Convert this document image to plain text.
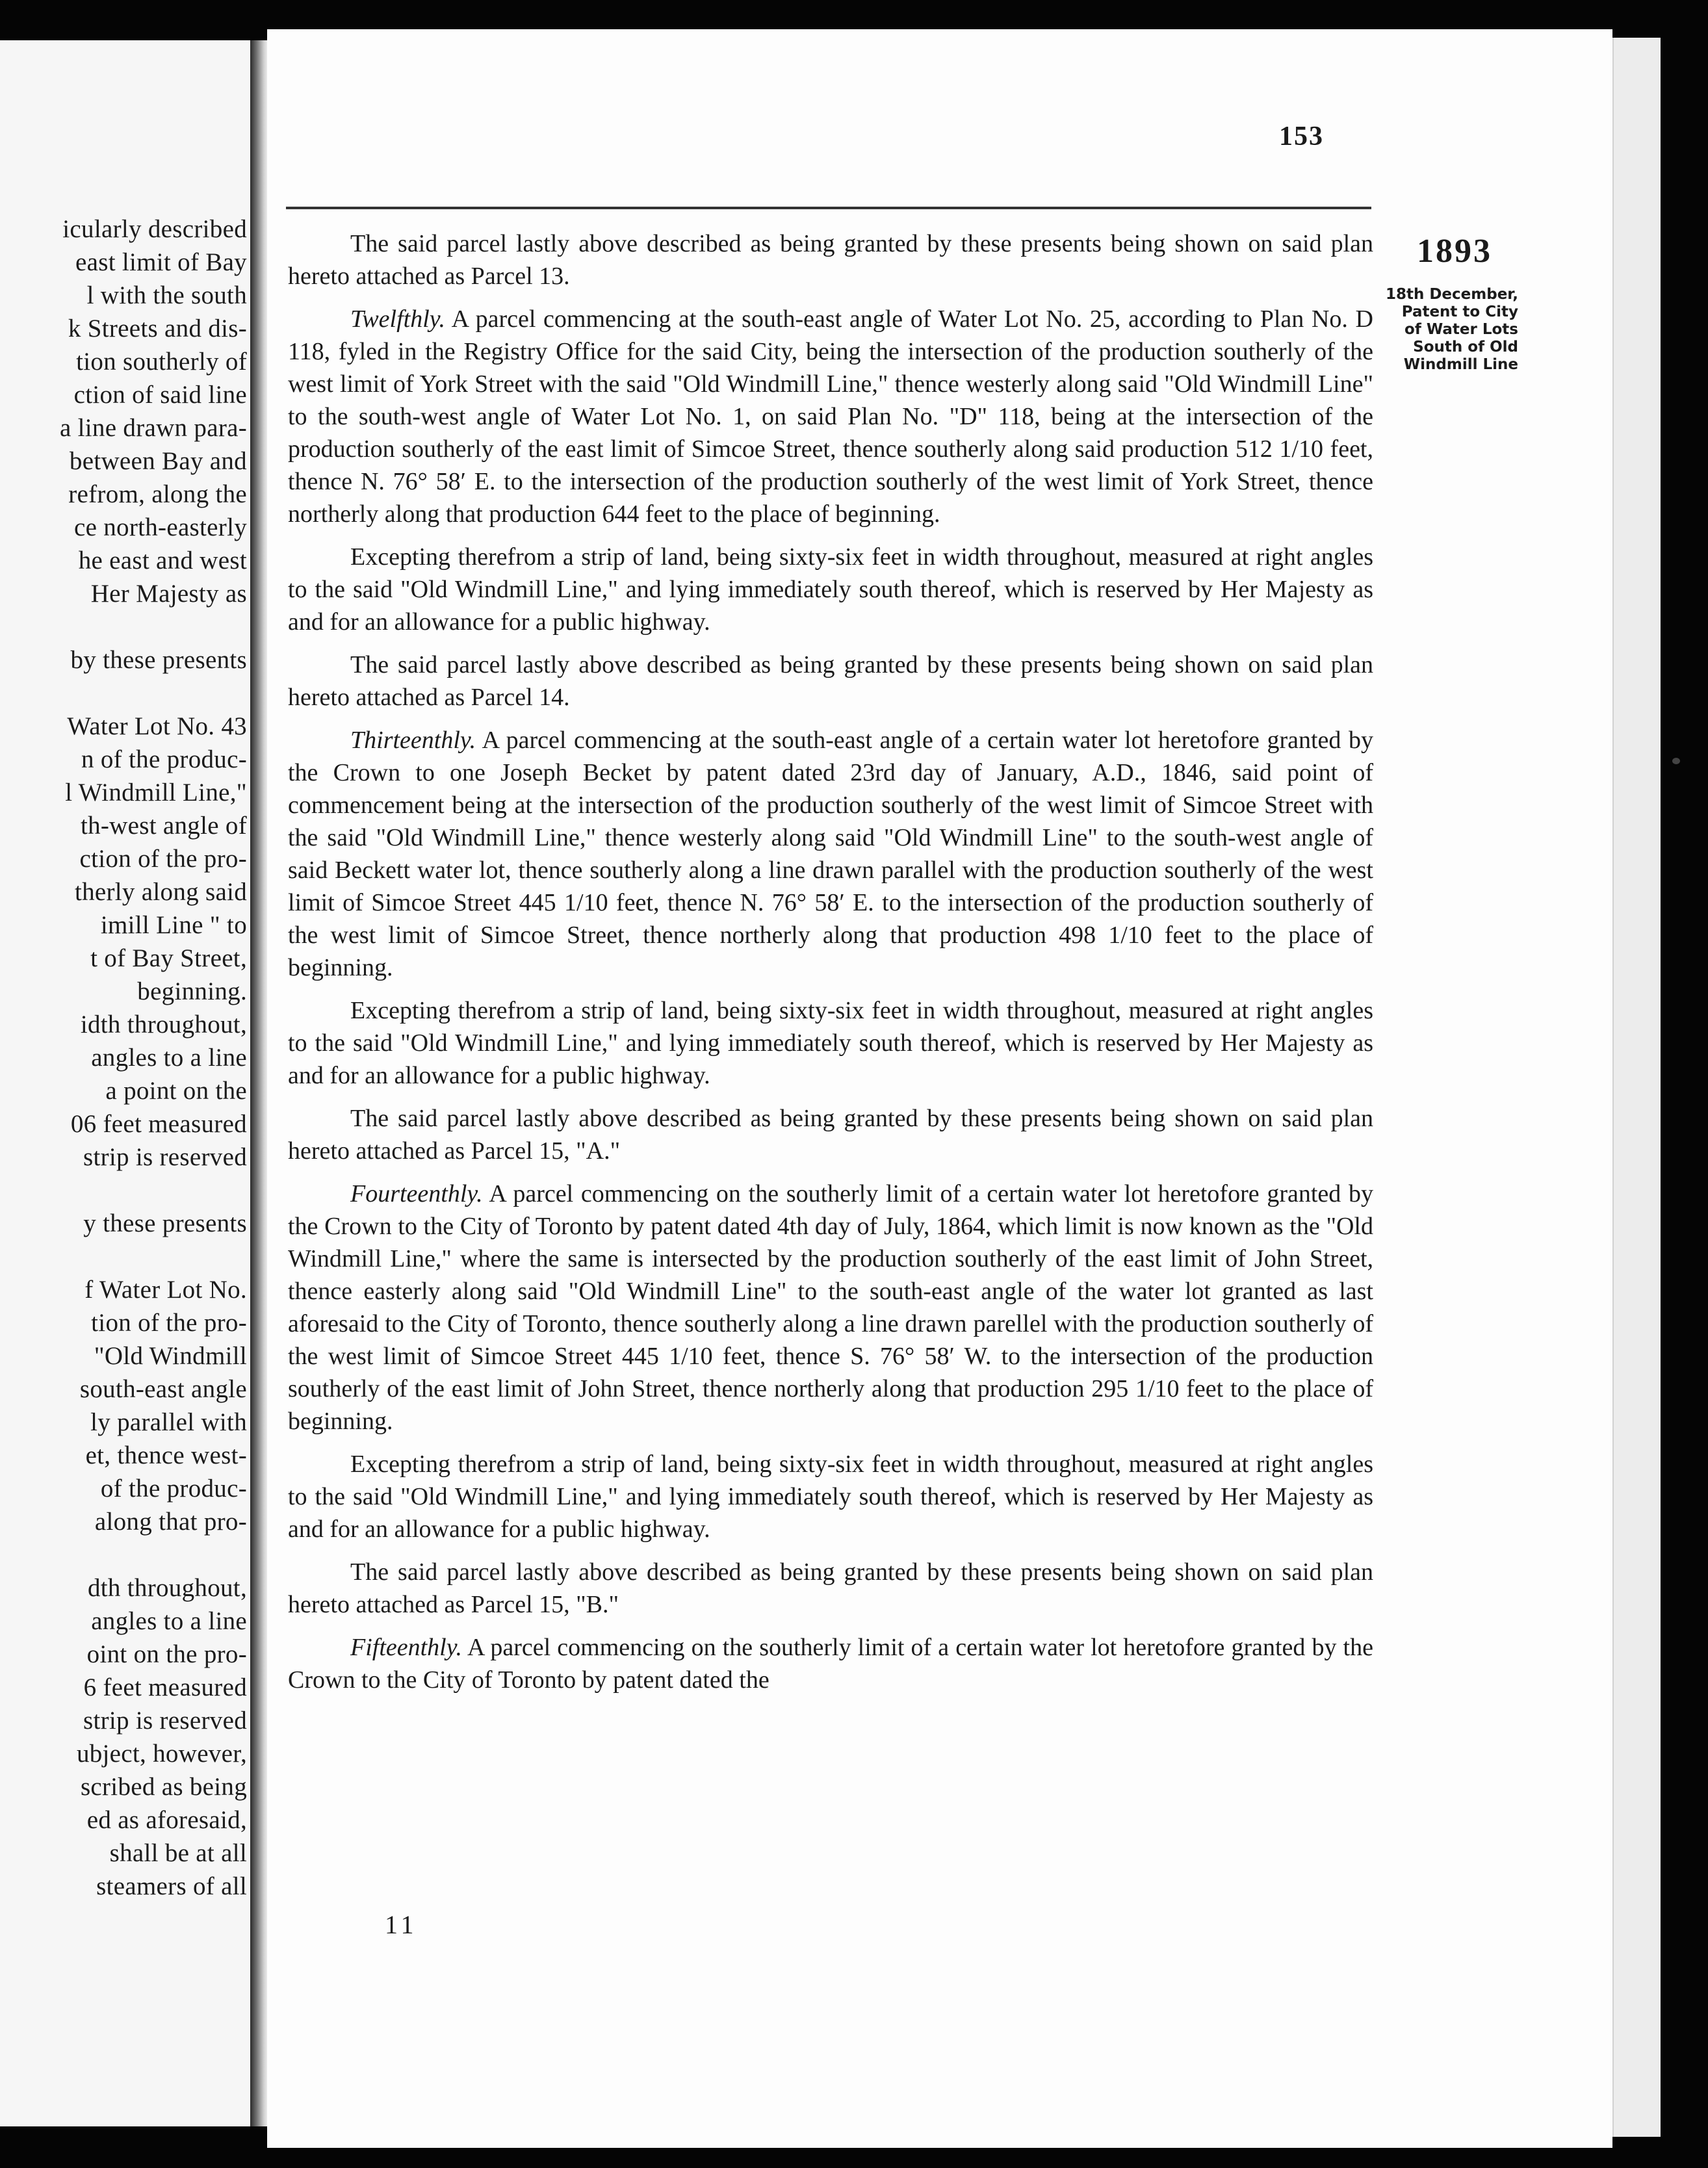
icularly described
east limit of Bay
l with the south
k Streets and dis-
tion southerly of
ction of said line
a line drawn para-
between Bay and
refrom, along the
ce north-easterly
he east and west
Her Majesty as
by these presents
Water Lot No. 43
n of the produc-
l Windmill Line,"
th-west angle of
ction of the pro-
therly along said
imill Line " to
t of Bay Street,
beginning.
idth throughout,
angles to a line
a point on the
06 feet measured
strip is reserved
y these presents
f Water Lot No.
tion of the pro-
"Old Windmill
south-east angle
ly parallel with
et, thence west-
of the produc-
along that pro-
dth throughout,
angles to a line
oint on the pro-
6 feet measured
strip is reserved
ubject, however,
scribed as being
ed as aforesaid,
shall be at all
steamers of all
153

The said parcel lastly above described as being granted by these presents being shown on said plan hereto attached as Parcel 13.

Twelfthly. A parcel commencing at the south-east angle of Water Lot No. 25, according to Plan No. D 118, fyled in the Registry Office for the said City, being the intersection of the production southerly of the west limit of York Street with the said "Old Windmill Line," thence westerly along said "Old Windmill Line" to the south-west angle of Water Lot No. 1, on said Plan No. "D" 118, being at the intersection of the production southerly of the east limit of Simcoe Street, thence southerly along said production 512 1/10 feet, thence N. 76° 58′ E. to the intersection of the production southerly of the west limit of York Street, thence northerly along that production 644 feet to the place of beginning.

Excepting therefrom a strip of land, being sixty-six feet in width throughout, measured at right angles to the said "Old Windmill Line," and lying immediately south thereof, which is reserved by Her Majesty as and for an allowance for a public highway.

The said parcel lastly above described as being granted by these presents being shown on said plan hereto attached as Parcel 14.

Thirteenthly. A parcel commencing at the south-east angle of a certain water lot heretofore granted by the Crown to one Joseph Becket by patent dated 23rd day of January, A.D., 1846, said point of commencement being at the intersection of the production southerly of the west limit of Simcoe Street with the said "Old Windmill Line," thence westerly along said "Old Windmill Line" to the south-west angle of said Beckett water lot, thence southerly along a line drawn parallel with the production southerly of the west limit of Simcoe Street 445 1/10 feet, thence N. 76° 58′ E. to the intersection of the production southerly of the west limit of Simcoe Street, thence northerly along that production 498 1/10 feet to the place of beginning.

Excepting therefrom a strip of land, being sixty-six feet in width throughout, measured at right angles to the said "Old Windmill Line," and lying immediately south thereof, which is reserved by Her Majesty as and for an allowance for a public highway.

The said parcel lastly above described as being granted by these presents being shown on said plan hereto attached as Parcel 15, "A."

Fourteenthly. A parcel commencing on the southerly limit of a certain water lot heretofore granted by the Crown to the City of Toronto by patent dated 4th day of July, 1864, which limit is now known as the "Old Windmill Line," where the same is intersected by the production southerly of the east limit of John Street, thence easterly along said "Old Windmill Line" to the south-east angle of the water lot granted as last aforesaid to the City of Toronto, thence southerly along a line drawn parellel with the production southerly of the west limit of Simcoe Street 445 1/10 feet, thence S. 76° 58′ W. to the intersection of the production southerly of the east limit of John Street, thence northerly along that production 295 1/10 feet to the place of beginning.

Excepting therefrom a strip of land, being sixty-six feet in width throughout, measured at right angles to the said "Old Windmill Line," and lying immediately south thereof, which is reserved by Her Majesty as and for an allowance for a public highway.

The said parcel lastly above described as being granted by these presents being shown on said plan hereto attached as Parcel 15, "B."

Fifteenthly. A parcel commencing on the southerly limit of a certain water lot heretofore granted by the Crown to the City of Toronto by patent dated the

1893
18th December,
Patent to City
of Water Lots
South of Old
Windmill Line
11
